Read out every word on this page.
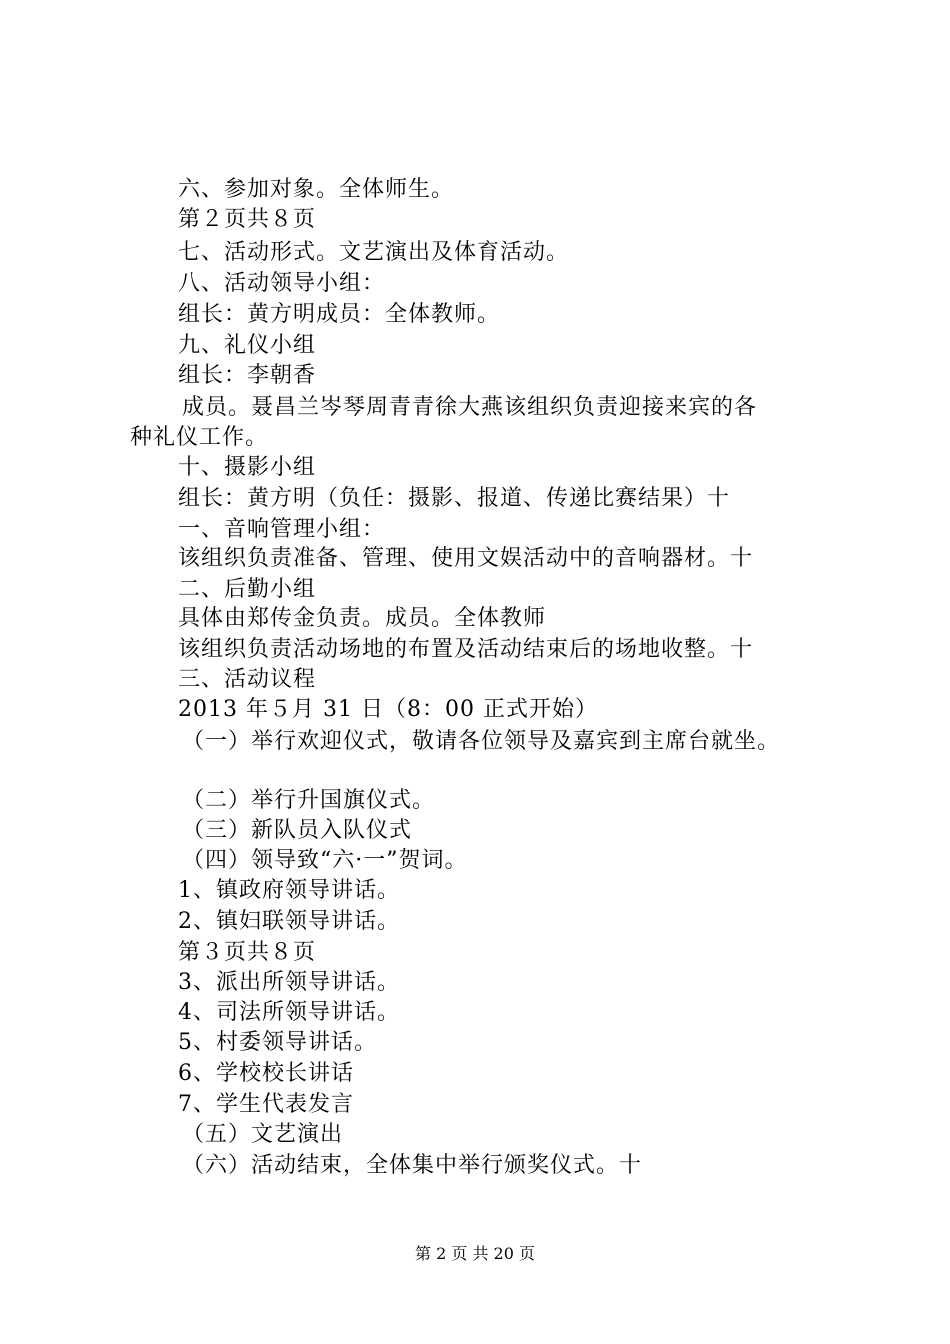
六、参加对象。全体师生。
第２页共８页
七、活动形式。文艺演出及体育活动。
八、活动领导小组：
组长：黄方明成员：全体教师。
九、礼仪小组
组长：李朝香
成员。聂昌兰岑琴周青青徐大燕该组织负责迎接来宾的各
种礼仪工作。
十、摄影小组
组长：黄方明（负任：摄影、报道、传递比赛结果）十
一、音响管理小组：
该组织负责准备、管理、使用文娱活动中的音响器材。十
二、后勤小组
具体由郑传金负责。成员。全体教师
该组织负责活动场地的布置及活动结束后的场地收整。十
三、活动议程
2013 年５月 31 日（8：00 正式开始）
（一）举行欢迎仪式，敬请各位领导及嘉宾到主席台就坐。
（二）举行升国旗仪式。
（三）新队员入队仪式
（四）领导致“六·一”贺词。
1、镇政府领导讲话。
2、镇妇联领导讲话。
第３页共８页
3、派出所领导讲话。
4、司法所领导讲话。
5、村委领导讲话。
6、学校校长讲话
7、学生代表发言
（五）文艺演出
（六）活动结束，全体集中举行颁奖仪式。十
第 2 页 共 20 页
